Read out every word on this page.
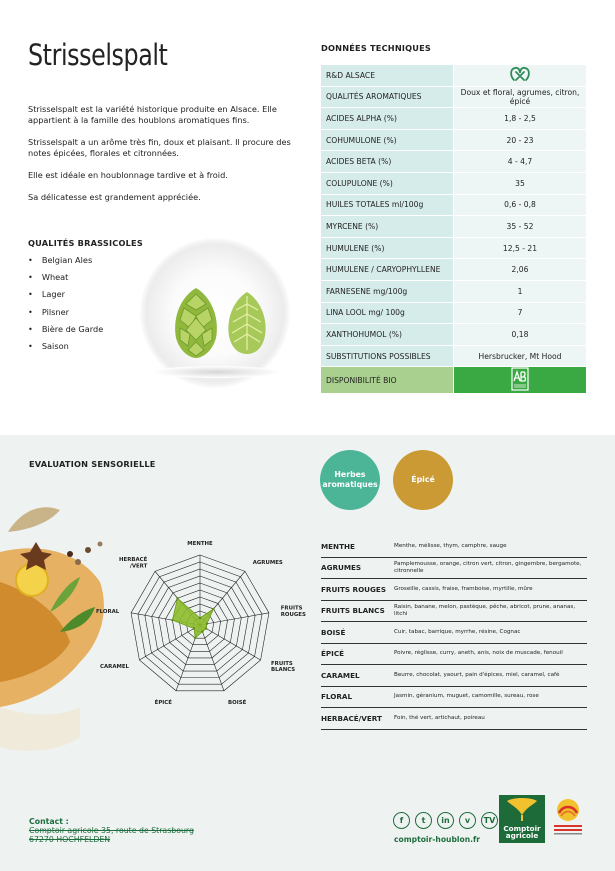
Strisselspalt

Strisselspalt est la variété historique produite en Alsace. Elle appartient à la famille des houblons aromatiques fins.

Strisselspalt a un arôme très fin, doux et plaisant. Il procure des notes épicées, florales et citronnées.

Elle est idéale en houblonnage tardive et à froid.

Sa délicatesse est grandement appréciée.

QUALITÉS BRASSICOLES
• Belgian Ales
• Wheat
• Lager
• Pilsner
• Bière de Garde
• Saison
DONNÉES TECHNIQUES
R&D ALSACE	
QUALITÉS AROMATIQUES	Doux et floral, agrumes, citron, épicé
ACIDES ALPHA (%)	1,8 - 2,5
COHUMULONE (%)	20 - 23
ACIDES BETA (%)	4 - 4,7
COLUPULONE (%)	35
HUILES TOTALES ml/100g	0,6 - 0,8
MYRCENE (%)	35 - 52
HUMULENE (%)	12,5 - 21
HUMULENE / CARYOPHYLLENE	2,06
FARNESENE mg/100g	1
LINA LOOL mg/ 100g	7
XANTHOHUMOL (%)	0,18
SUBSTITUTIONS POSSIBLES	Hersbrucker, Mt Hood
DISPONIBILITÉ BIO	
EVALUATION SENSORIELLE
Herbes aromatiques
Épicé
MENTHE
AGRUMES
FRUITS ROUGES
FRUITS BLANCS
BOISÉ
ÉPICÉ
CARAMEL
FLORAL
HERBACÉ /VERT
MENTHE	Menthe, mélisse, thym, camphre, sauge
AGRUMES	Pamplemousse, orange, citron vert, citron, gingembre, bergamote, citronnelle
FRUITS ROUGES	Groseille, cassis, fraise, framboise, myrtille, mûre
FRUITS BLANCS	Raisin, banane, melon, pastèque, pêche, abricot, prune, ananas, litchi
BOISÉ	Cuir, tabac, barrique, myrrhe, résine, Cognac
ÉPICÉ	Poivre, réglisse, curry, aneth, anis, noix de muscade, fenouil
CARAMEL	Beurre, chocolat, yaourt, pain d'épices, miel, caramel, café
FLORAL	Jasmin, géranium, muguet, camomille, sureau, rose
HERBACÉ/VERT	Foin, thé vert, artichaut, poireau
Contact :
Comptoir agricole 35, route de Strasbourg
67270 HOCHFELDEN
f	t	in	v	TV
comptoir-houblon.fr
Comptoir
agricole
